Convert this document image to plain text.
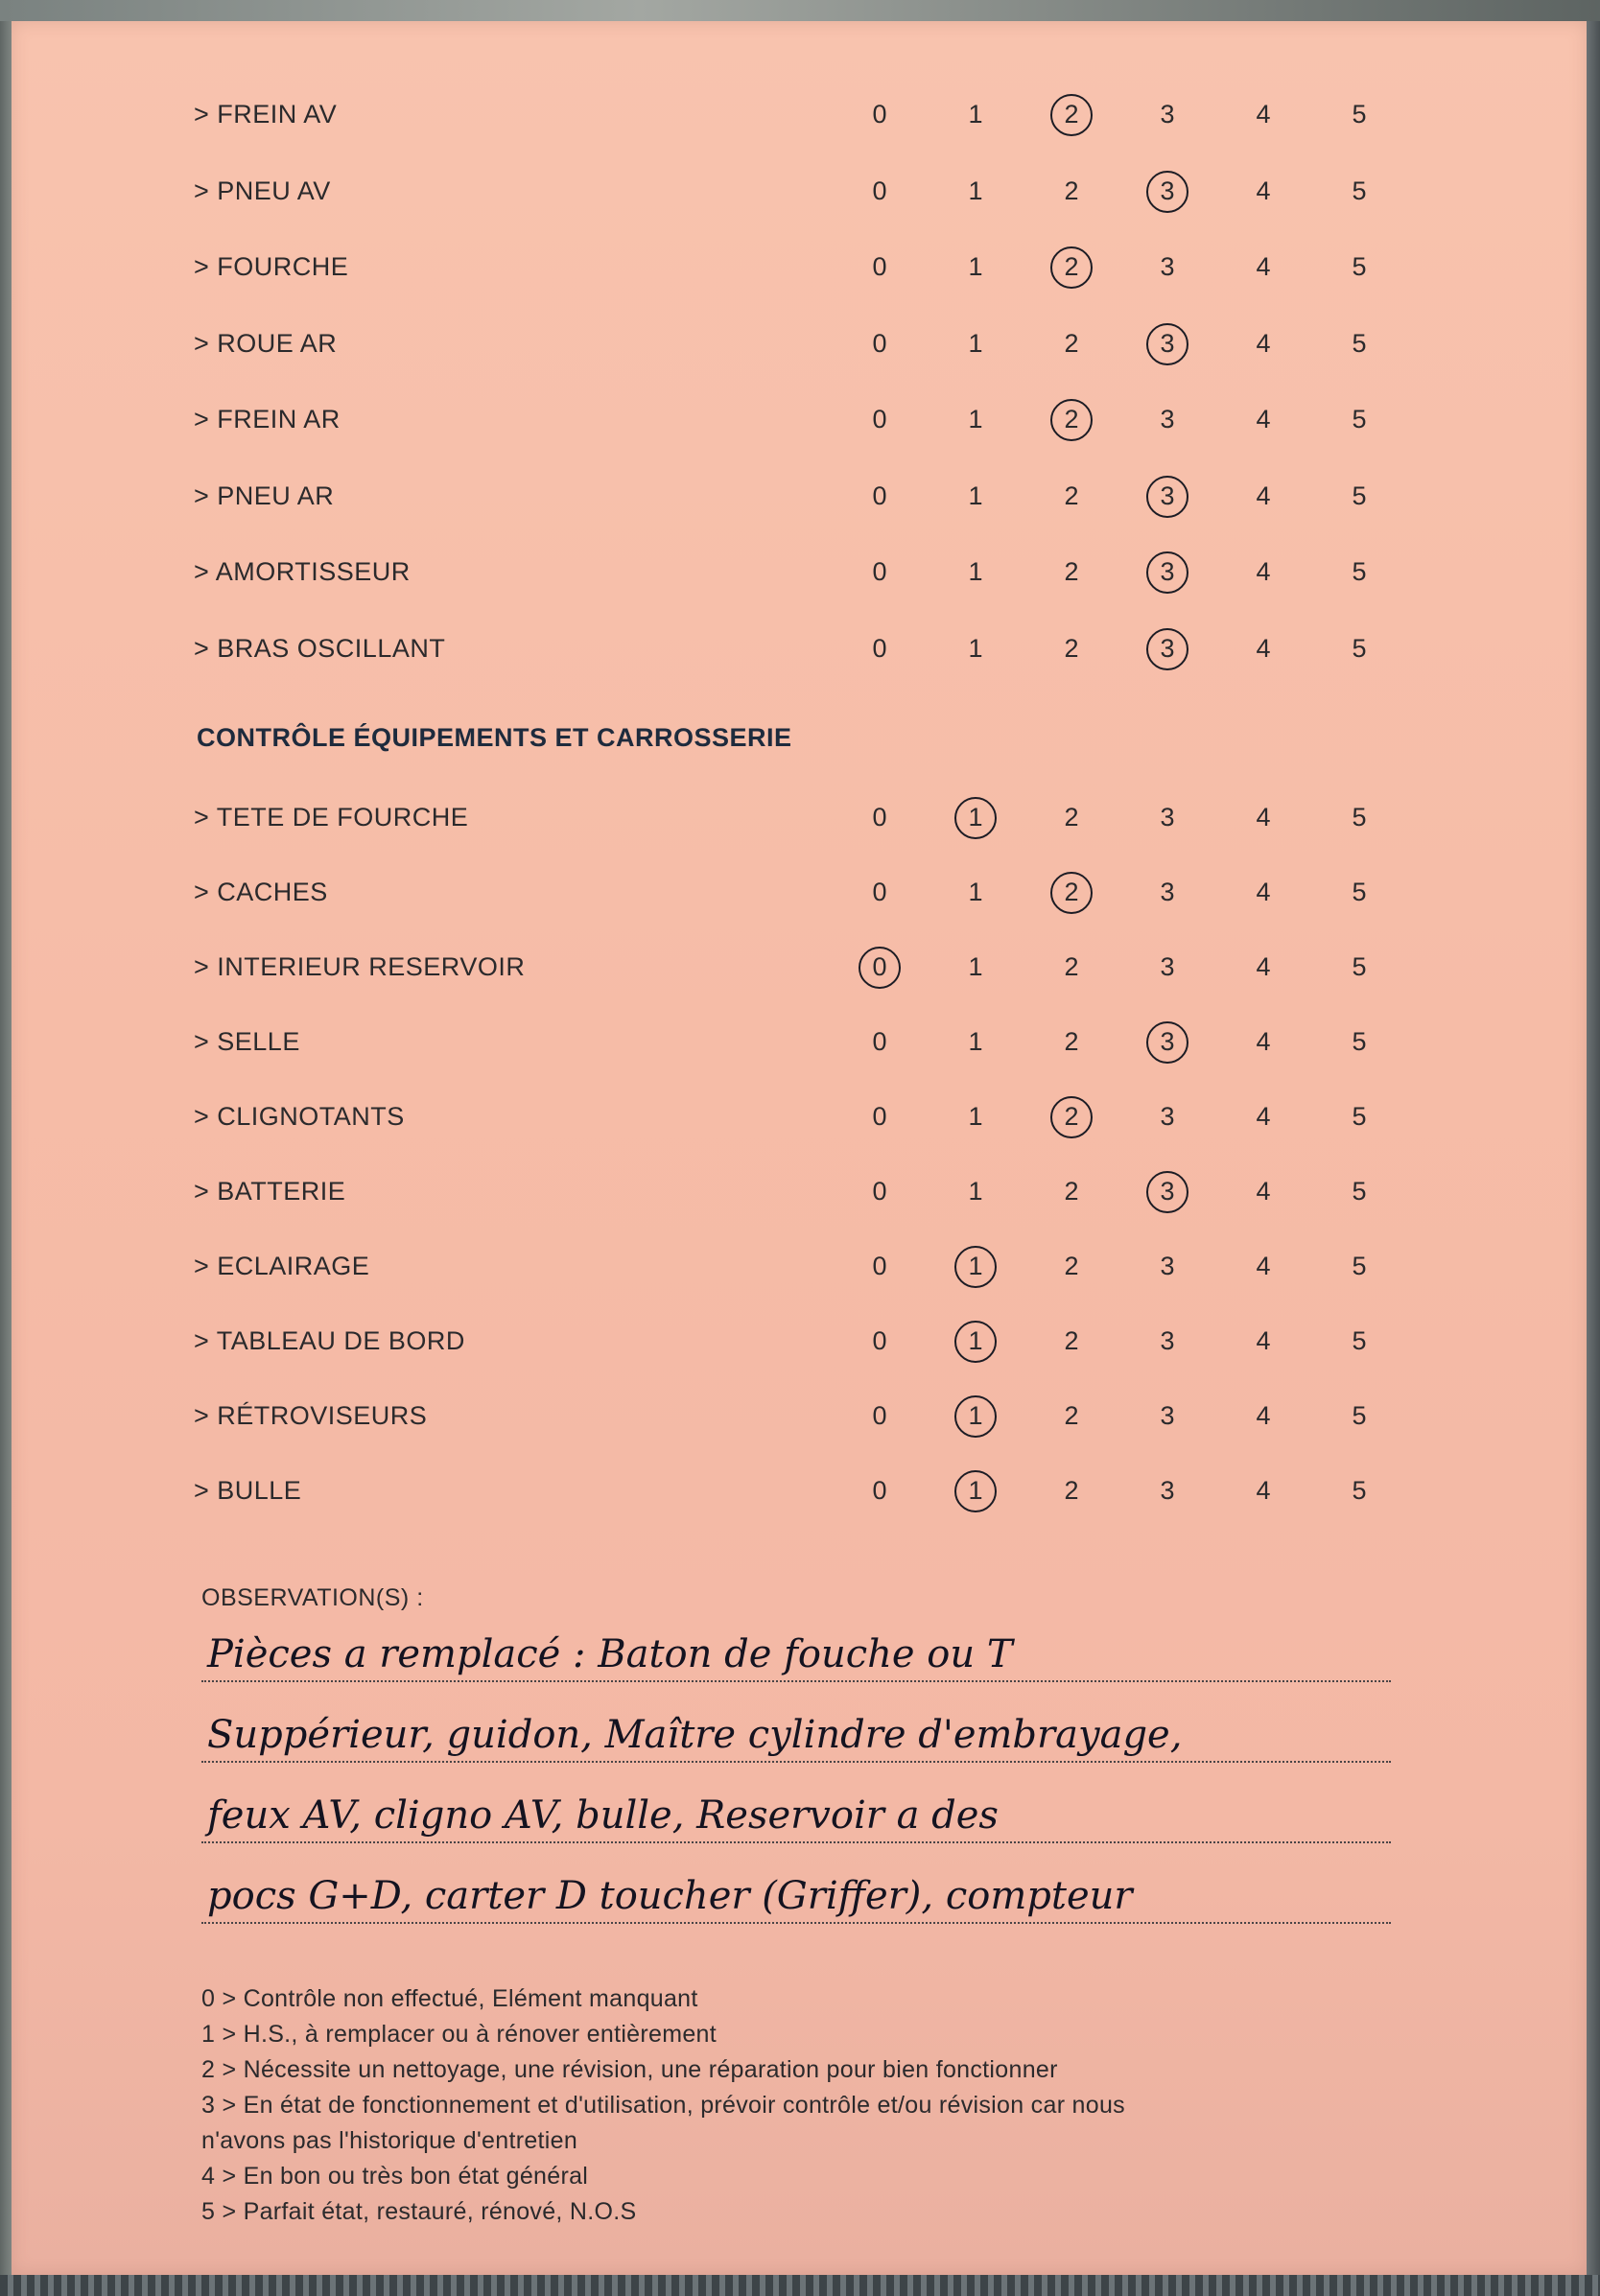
> FREIN AV	0	1	2	3	4	5
> PNEU AV	0	1	2	3	4	5
> FOURCHE	0	1	2	3	4	5
> ROUE AR	0	1	2	3	4	5
> FREIN AR	0	1	2	3	4	5
> PNEU AR	0	1	2	3	4	5
> AMORTISSEUR	0	1	2	3	4	5
> BRAS OSCILLANT	0	1	2	3	4	5
CONTRÔLE ÉQUIPEMENTS ET CARROSSERIE
> TETE DE FOURCHE	0	1	2	3	4	5
> CACHES	0	1	2	3	4	5
> INTERIEUR RESERVOIR	0	1	2	3	4	5
> SELLE	0	1	2	3	4	5
> CLIGNOTANTS	0	1	2	3	4	5
> BATTERIE	0	1	2	3	4	5
> ECLAIRAGE	0	1	2	3	4	5
> TABLEAU DE BORD	0	1	2	3	4	5
> RÉTROVISEURS	0	1	2	3	4	5
> BULLE	0	1	2	3	4	5
OBSERVATION(S) :
Pièces a remplacé : Baton de fouche ou T
Suppérieur, guidon, Maître cylindre d'embrayage,
feux AV, cligno AV, bulle, Reservoir a des
pocs G+D, carter D toucher (Griffer), compteur
0 > Contrôle non effectué, Elément manquant
1 > H.S., à remplacer ou à rénover entièrement
2 > Nécessite un nettoyage, une révision, une réparation pour bien fonctionner
3 > En état de fonctionnement et d'utilisation, prévoir contrôle et/ou révision car nous
n'avons pas l'historique d'entretien
4 > En bon ou très bon état général
5 > Parfait état, restauré, rénové, N.O.S
